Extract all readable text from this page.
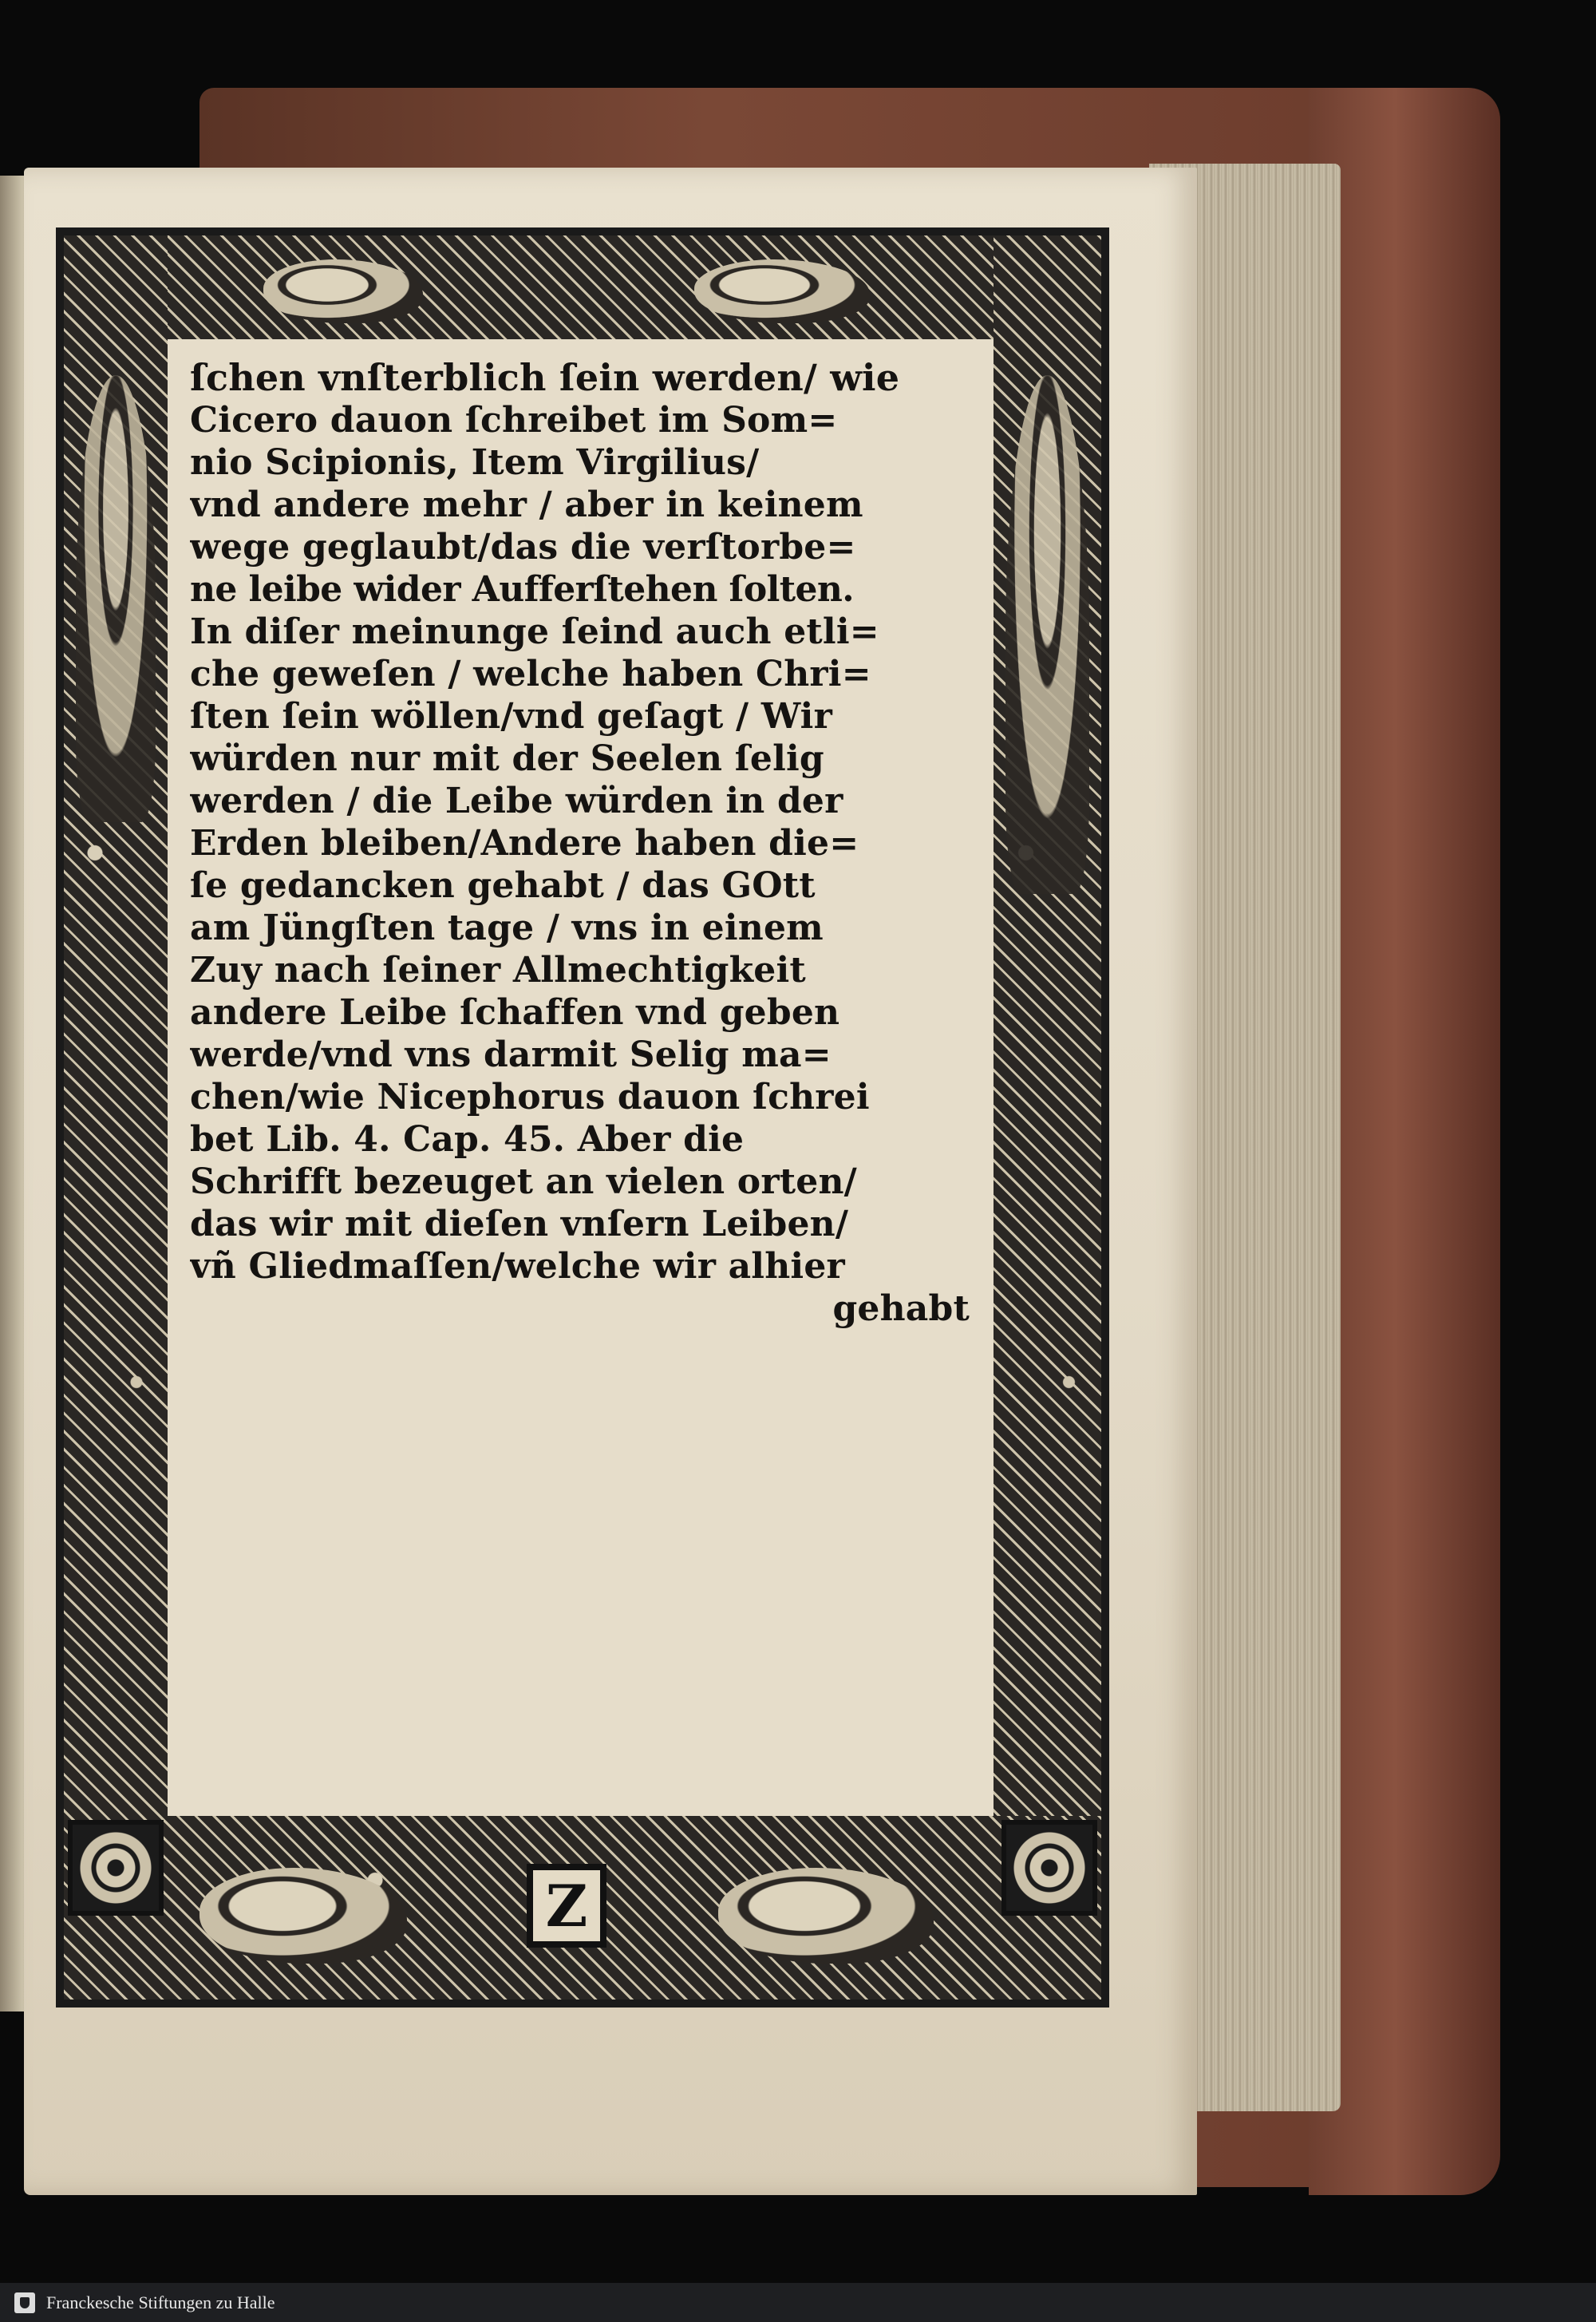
Z
ſchen vnſterblich ſein werden/ wie
Cicero dauon ſchreibet im Som=
nio Scipionis, Item Virgilius/
vnd andere mehr / aber in keinem
wege geglaubt/das die verſtorbe=
ne leibe wider Aufferſtehen ſolten.
In diſer meinunge ſeind auch etli=
che geweſen / welche haben Chri=
ſten ſein wöllen/vnd geſagt / Wir
würden nur mit der Seelen ſelig
werden / die Leibe würden in der
Erden bleiben/Andere haben die=
ſe gedancken gehabt / das GOtt
am Jüngſten tage / vns in einem
Zuy nach ſeiner Allmechtigkeit
andere Leibe ſchaffen vnd geben
werde/vnd vns darmit Selig ma=
chen/wie Nicephorus dauon ſchrei
bet Lib. 4. Cap. 45. Aber die
Schrifft bezeuget an vielen orten/
das wir mit dieſen vnſern Leiben/
vñ Gliedmaſſen/welche wir alhier
gehabt
Franckesche Stiftungen zu Halle
